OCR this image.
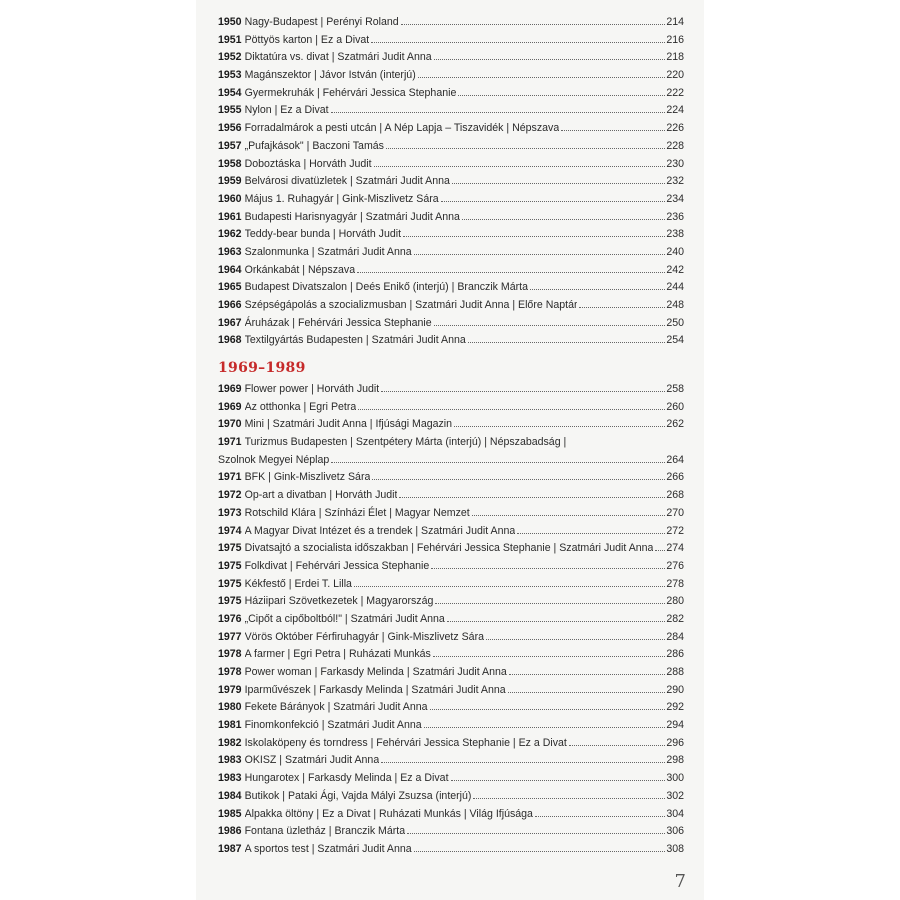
1950 Nagy-Budapest | Perényi Roland	214
1951 Pöttyös karton | Ez a Divat	216
1952 Diktatúra vs. divat | Szatmári Judit Anna	218
1953 Magánszektor | Jávor István (interjú)	220
1954 Gyermekruhák | Fehérvári Jessica Stephanie	222
1955 Nylon | Ez a Divat	224
1956 Forradalmárok a pesti utcán | A Nép Lapja – Tiszavidék | Népszava	226
1957 „Pufajkások" | Baczoni Tamás	228
1958 Doboztáska | Horváth Judit	230
1959 Belvárosi divatüzletek | Szatmári Judit Anna	232
1960 Május 1. Ruhagyár | Gink-Miszlivetz Sára	234
1961 Budapesti Harisnyagyár | Szatmári Judit Anna	236
1962 Teddy-bear bunda | Horváth Judit	238
1963 Szalonmunka | Szatmári Judit Anna	240
1964 Orkánkabát | Népszava	242
1965 Budapest Divatszalon | Deés Enikő (interjú) | Branczik Márta	244
1966 Szépségápolás a szocializmusban | Szatmári Judit Anna | Előre Naptár	248
1967 Áruházak | Fehérvári Jessica Stephanie	250
1968 Textilgyártás Budapesten | Szatmári Judit Anna	254
1969–1989
1969 Flower power | Horváth Judit	258
1969 Az otthonka | Egri Petra	260
1970 Mini | Szatmári Judit Anna | Ifjúsági Magazin	262
1971 Turizmus Budapesten | Szentpétery Márta (interjú) | Népszabadság |
Szolnok Megyei Néplap	264
1971 BFK | Gink-Miszlivetz Sára	266
1972 Op-art a divatban | Horváth Judit	268
1973 Rotschild Klára | Színházi Élet | Magyar Nemzet	270
1974 A Magyar Divat Intézet és a trendek | Szatmári Judit Anna	272
1975 Divatsajtó a szocialista időszakban | Fehérvári Jessica Stephanie | Szatmári Judit Anna 274
1975 Folkdivat | Fehérvári Jessica Stephanie	276
1975 Kékfestő | Erdei T. Lilla	278
1975 Háziipari Szövetkezetek | Magyarország	280
1976 „Cipőt a cipőboltból!" | Szatmári Judit Anna	282
1977 Vörös Október Férfiruhagyár | Gink-Miszlivetz Sára	284
1978 A farmer | Egri Petra | Ruházati Munkás	286
1978 Power woman | Farkasdy Melinda | Szatmári Judit Anna	288
1979 Iparművészek | Farkasdy Melinda | Szatmári Judit Anna	290
1980 Fekete Bárányok | Szatmári Judit Anna	292
1981 Finomkonfekció | Szatmári Judit Anna	294
1982 Iskolaköpeny és torndress | Fehérvári Jessica Stephanie | Ez a Divat	296
1983 OKISZ | Szatmári Judit Anna	298
1983 Hungarotex | Farkasdy Melinda | Ez a Divat	300
1984 Butikok | Pataki Ági, Vajda Mályi Zsuzsa (interjú)	302
1985 Alpakka öltöny | Ez a Divat | Ruházati Munkás | Világ Ifjúsága	304
1986 Fontana üzletház | Branczik Márta	306
1987 A sportos test | Szatmári Judit Anna	308
7
